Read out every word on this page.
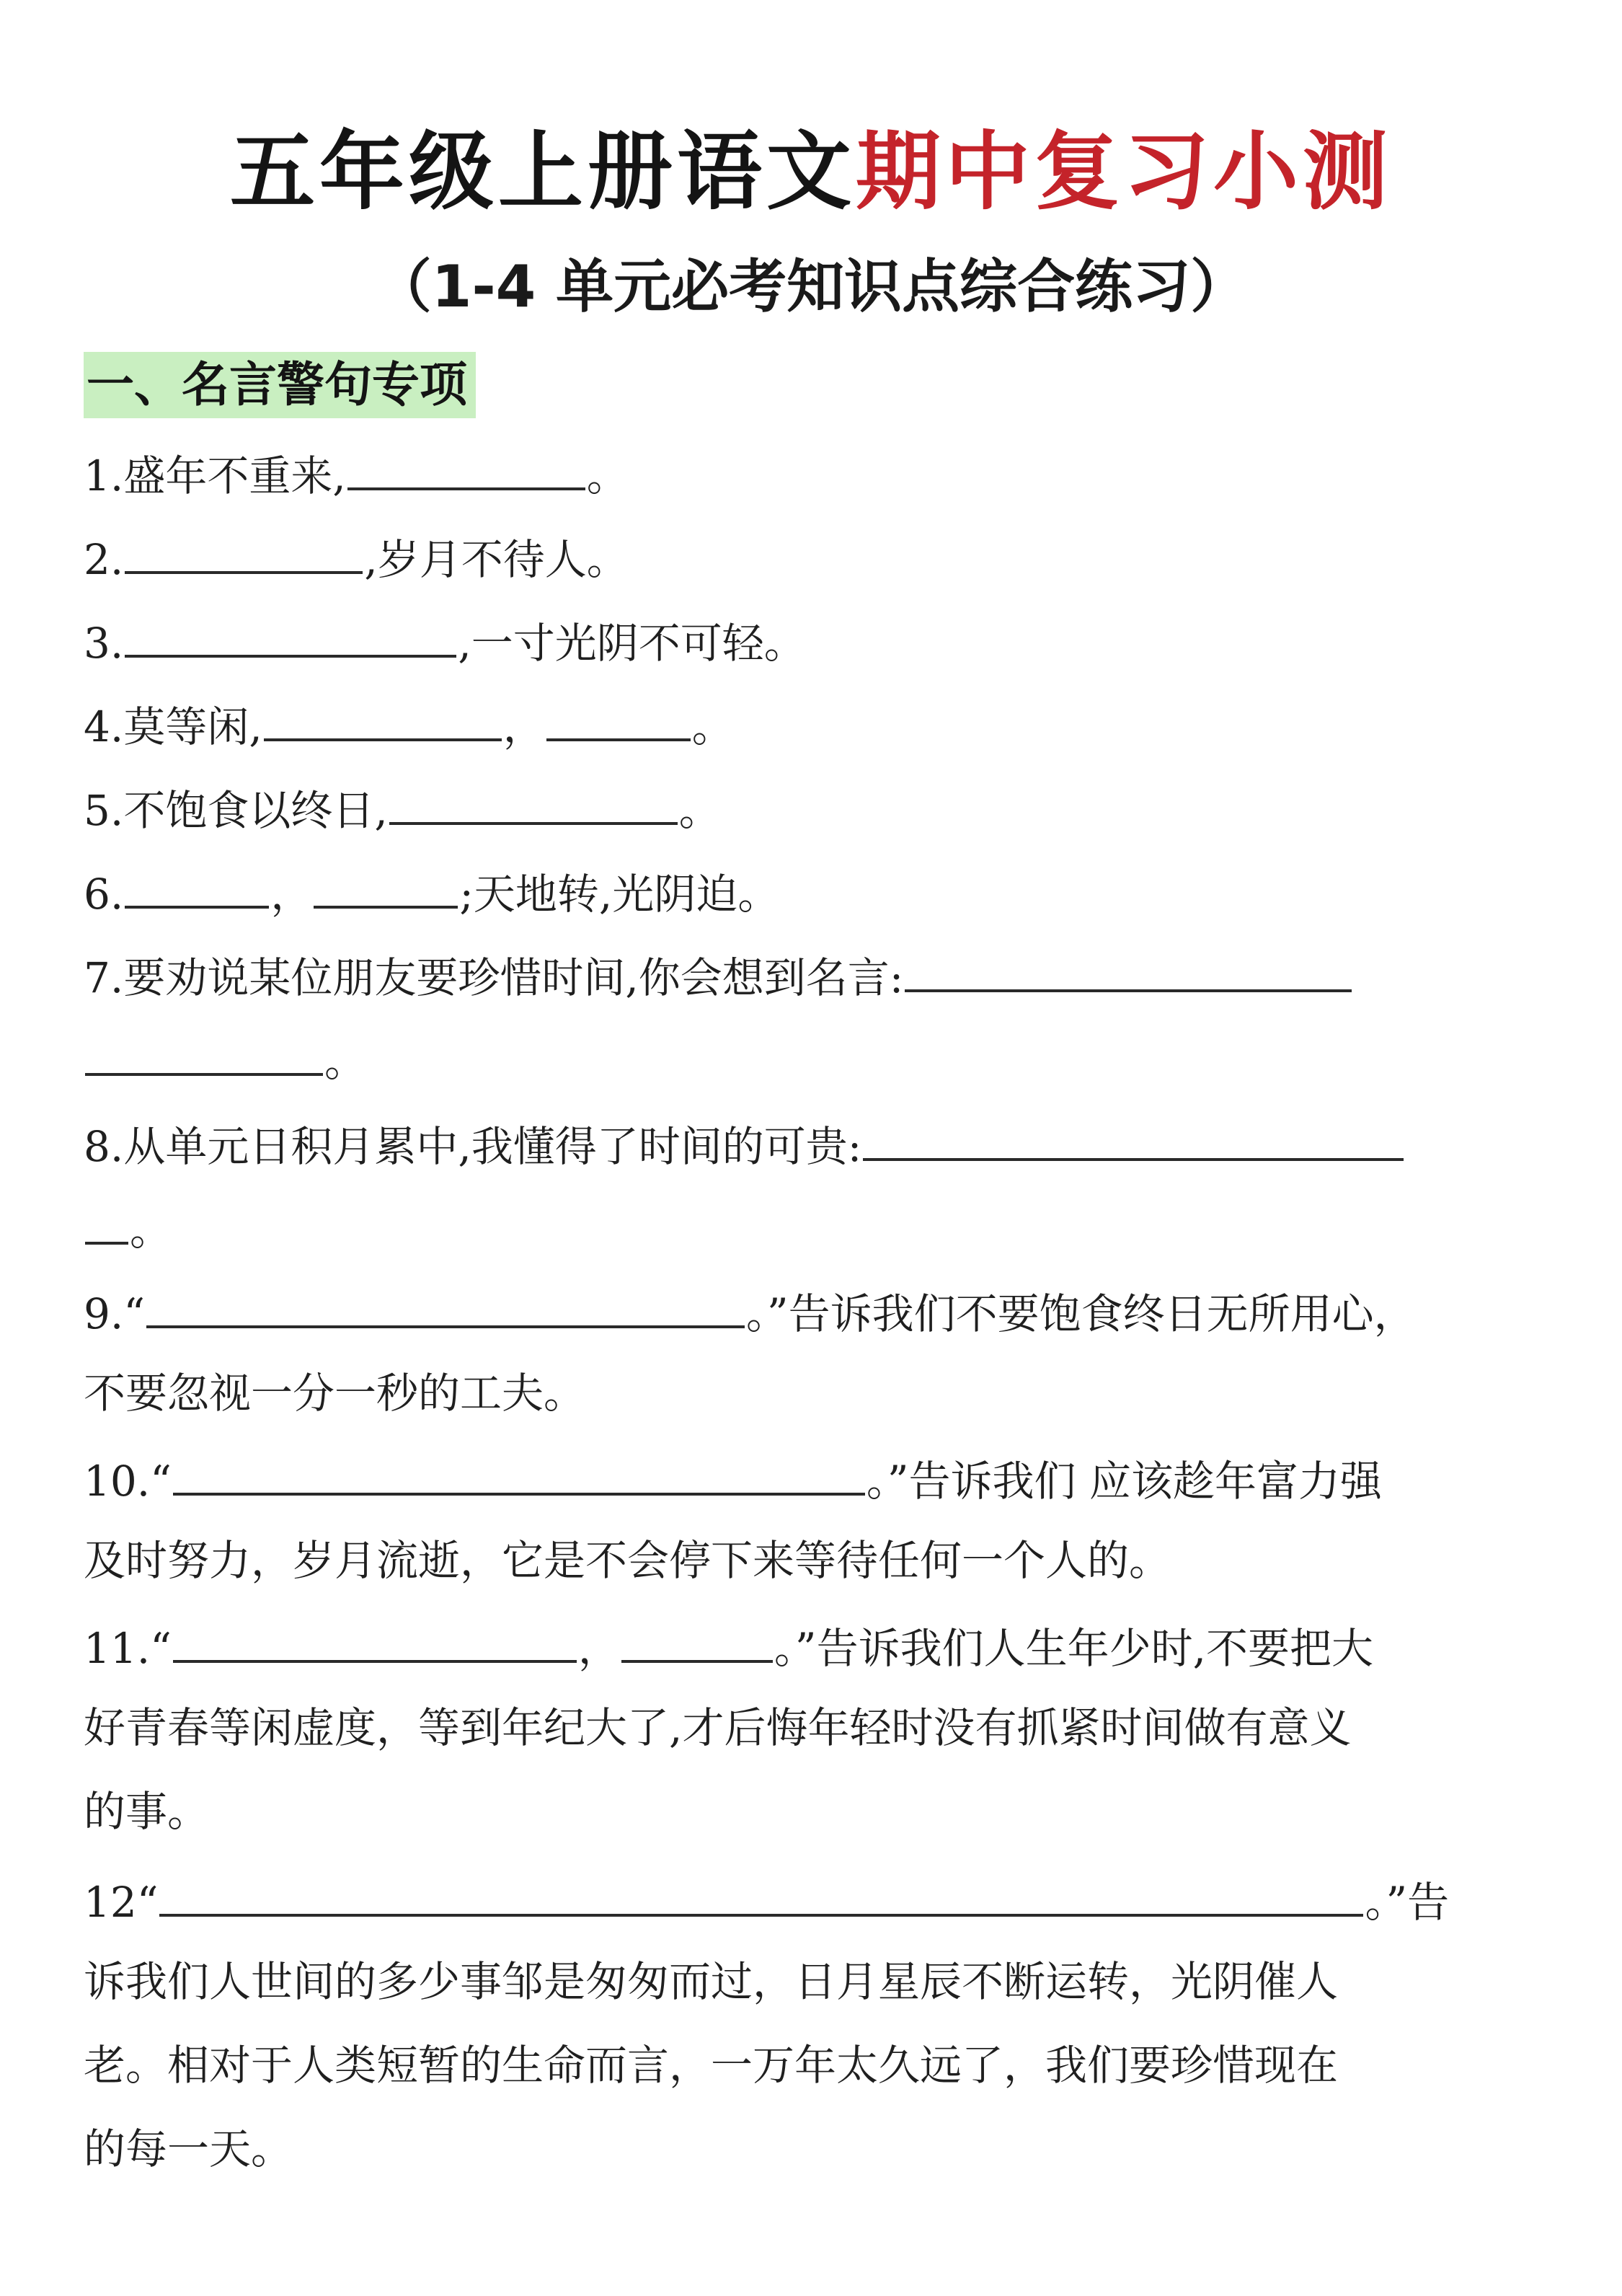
五年级上册语文期中复习小测
（1-4 单元必考知识点综合练习）
一、名言警句专项
1.盛年不重来,	。
2.	,岁月不待人。
3.	,一寸光阴不可轻。
4.莫等闲,	，	。
5.不饱食以终日,	。
6.	，	;天地转,光阴迫。
7.要劝说某位朋友要珍惜时间,你会想到名言:
。
8.从单元日积月累中,我懂得了时间的可贵:
。
9.“	。”告诉我们不要饱食终日无所用心，
不要忽视一分一秒的工夫。
10.“	。”告诉我们 应该趁年富力强
及时努力，岁月流逝，它是不会停下来等待任何一个人的。
11.“	，	。”告诉我们人生年少时,不要把大
好青春等闲虚度，等到年纪大了,才后悔年轻时没有抓紧时间做有意义
的事。
12“	。”告
诉我们人世间的多少事邹是匆匆而过，日月星辰不断运转，光阴催人
老。相对于人类短暂的生命而言，一万年太久远了，我们要珍惜现在
的每一天。
